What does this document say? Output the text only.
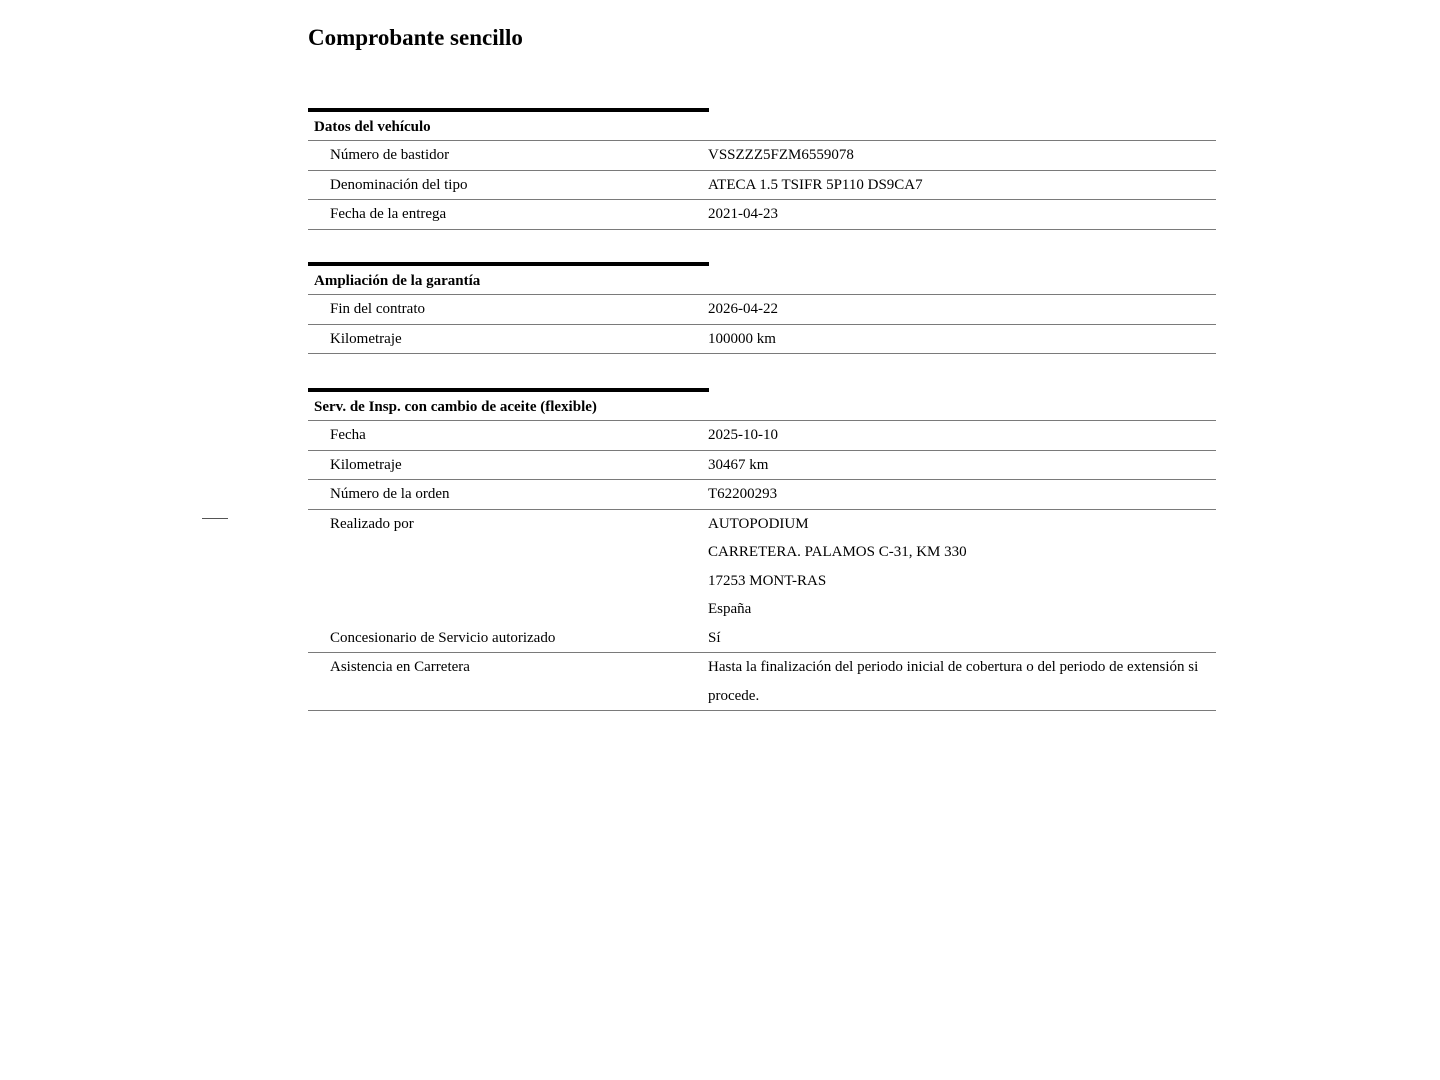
Comprobante sencillo
Datos del vehículo
Número de bastidor	VSSZZZ5FZM6559078
Denominación del tipo	ATECA 1.5 TSIFR 5P110 DS9CA7
Fecha de la entrega	2021-04-23
Ampliación de la garantía
Fin del contrato	2026-04-22
Kilometraje	100000 km
Serv. de Insp. con cambio de aceite (flexible)
Fecha	2025-10-10
Kilometraje	30467 km
Número de la orden	T62200293
Realizado por	AUTOPODIUM
CARRETERA. PALAMOS C-31, KM 330
17253 MONT-RAS
España
Concesionario de Servicio autorizado	Sí
Asistencia en Carretera	Hasta la finalización del periodo inicial de cobertura o del periodo de extensión si procede.
